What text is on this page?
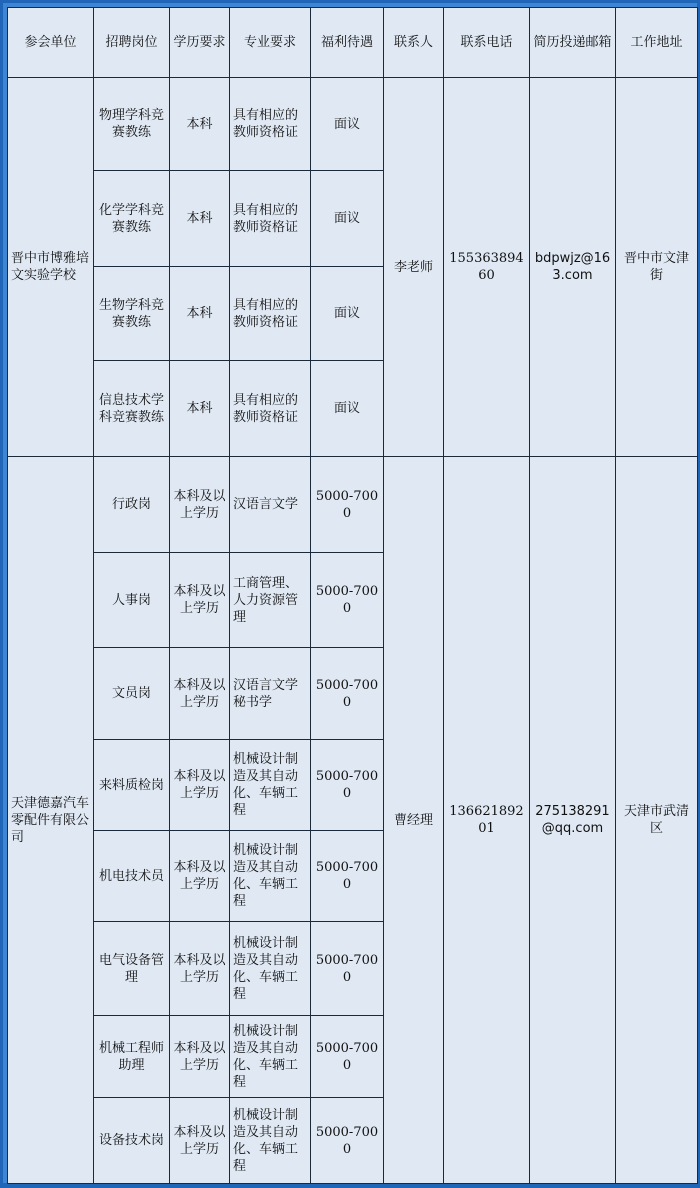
参会单位	招聘岗位	学历要求	专业要求	福利待遇	联系人	联系电话	简历投递邮箱	工作地址
晋中市博雅培文实验学校	物理学科竞赛教练	本科	具有相应的教师资格证	面议	李老师	15536389460	bdpwjz@163.com	晋中市文津街
	化学学科竞赛教练	本科	具有相应的教师资格证	面议				
	生物学科竞赛教练	本科	具有相应的教师资格证	面议				
	信息技术学科竞赛教练	本科	具有相应的教师资格证	面议				
天津德嘉汽车零配件有限公司	行政岗	本科及以上学历	汉语言文学	5000-7000	曹经理	13662189201	275138291@qq.com	天津市武清区
	人事岗	本科及以上学历	工商管理、人力资源管理	5000-7000				
	文员岗	本科及以上学历	汉语言文学秘书学	5000-7000				
	来料质检岗	本科及以上学历	机械设计制造及其自动化、车辆工程	5000-7000				
	机电技术员	本科及以上学历	机械设计制造及其自动化、车辆工程	5000-7000				
	电气设备管理	本科及以上学历	机械设计制造及其自动化、车辆工程	5000-7000				
	机械工程师助理	本科及以上学历	机械设计制造及其自动化、车辆工程	5000-7000				
	设备技术岗	本科及以上学历	机械设计制造及其自动化、车辆工程	5000-7000				
